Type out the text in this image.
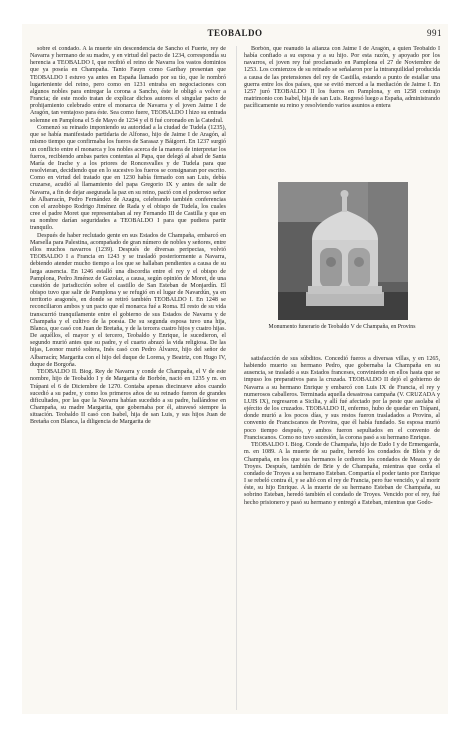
TEOBALDO	991

sobre el condado. A la muerte sin descendencia de Sancho el Fuerte, rey de Navarra y hermano de su madre, y en virtud del pacto de 1234, correspondía su herencia a TEOBALDO I, que recibió el reino de Navarra los vastos dominios que ya poseía en Champaña. Tanto Fauyn como Garibay presentan que TEOBALDO I estuvo ya antes en España llamado por su tío, que le nombró lugarteniente del reino, pero como en 1231 entraba en negociaciones con algunos nobles para entregar la corona a Sancho, éste le obligó a volver a Francia; de este modo tratan de explicar dichos autores el singular pacto de prohijamiento celebrado entre el monarca de Navarra y el joven Jaime I de Aragón, tan ventajoso para éste. Sea como fuere, TEOBALDO I hizo su entrada solemne en Pamplona el 5 de Mayo de 1234 y el 8 fué coronado en la Catedral.

Comenzó su reinado imponiendo su autoridad a la ciudad de Tudela (1235), que se había manifestado partidaria de Alfonso, hijo de Jaime I de Aragón, al mismo tiempo que confirmaba los fueros de Sarasaz y Báigorri. En 1237 surgió un conflicto entre el monarca y los nobles acerca de la manera de interpretar los fueros, recibiendo ambas partes contentas al Papa, que delegó al abad de Santa María de Irache y a los priores de Roncesvalles y de Tudela para que resolvieran, decidiendo que en lo sucesivo los fueros se consignaran por escrito. Como en virtud del tratado que en 1230 había firmado con san Luis, debía cruzarse, acudió al llamamiento del papa Gregorio IX y antes de salir de Navarra, a fin de dejar asegurada la paz en su reino, pactó con el poderoso señor de Albarracín, Pedro Fernández de Azagra, celebrando también conferencias con el arzobispo Rodrigo Jiménez de Rada y el obispo de Tudela, los cuales cree el padre Moret que representaban al rey Fernando III de Castilla y que en su nombre darían seguridades a TEOBALDO I para que pudiera partir tranquilo.

Después de haber reclutado gente en sus Estados de Champaña, embarcó en Marsella para Palestina, acompañado de gran número de nobles y señores, entre ellos muchos navarros (1239). Después de diversas peripecias, volvió TEOBALDO I a Francia en 1243 y se trasladó posteriormente a Navarra, debiendo atender mucho tiempo a los que se hallaban pendientes a causa de su larga ausencia. En 1246 estalló una discordia entre el rey y el obispo de Pamplona, Pedro Jiménez de Gazolaz, a causa, según opinión de Moret, de una cuestión de jurisdicción sobre el castillo de San Esteban de Monjardín. El obispo tuvo que salir de Pamplona y se refugió en el lugar de Navardún, ya en territorio aragonés, en donde se retiró también TEOBALDO I. En 1248 se reconciliaron ambos y un pacto que el monarca fué a Roma. El resto de su vida transcurrió tranquilamente entre el gobierno de sus Estados de Navarra y de Champaña y el cultivo de la poesía. De su segunda esposa tuvo una hija, Blanca, que casó con Juan de Bretaña, y de la tercera cuatro hijos y cuatro hijas. De aquéllos, el mayor y el tercero, Teobaldo y Enrique, le sucedieron, el segundo murió antes que su padre, y el cuarto abrazó la vida religiosa. De las hijas, Leonor murió soltera, Inés casó con Pedro Álvarez, hijo del señor de Albarracín; Margarita con el hijo del duque de Lorena, y Beatriz, con Hugo IV, duque de Borgoña.

TEOBALDO II. Biog. Rey de Navarra y conde de Champaña, el V de este nombre, hijo de Teobaldo I y de Margarita de Borbón, nació en 1235 y m. en Trápani el 6 de Diciembre de 1270. Contaba apenas diecinueve años cuando sucedió a su padre, y como los primeros años de su reinado fueron de grandes dificultades, por las que la Navarra habían sucedido a su padre, hallándose en Champaña, su madre Margarita, que gobernaba por él, atravesó siempre la situación. Teobaldo II casó con Isabel, hija de san Luis, y sus hijos Juan de Bretaña con Blanca, la diligencia de Margarita de

Borbón, que reanudó la alianza con Jaime I de Aragón, a quien Teobaldo I había confiado a su esposa y a su hijo. Por esta razón, y apoyado por los navarros, el joven rey fué proclamado en Pamplona el 27 de Noviembre de 1253. Los comienzos de su reinado se señalaron por la intranquilidad producida a causa de las pretensiones del rey de Castilla, estando a punto de estallar una guerra entre los dos países, que se evitó merced a la mediación de Jaime I. En 1257 juró TEOBALDO II los fueros en Pamplona, y en 1258 contrajo matrimonio con Isabel, hija de san Luis. Regresó luego a España, administrando pacíficamente su reino y resolviendo varios asuntos a entera

satisfacción de sus súbditos. Concedió fueros a diversas villas, y en 1265, habiendo muerto su hermano Pedro, que gobernaba la Champaña en su ausencia, se trasladó a sus Estados franceses, conviniendo en ellos hasta que se impuso los preparativos para la cruzada. TEOBALDO II dejó el gobierno de Navarra a su hermano Enrique y embarcó con Luis IX de Francia, el rey y numerosos caballeros. Terminada aquella desastrosa campaña (V. CRUZADA y LUIS IX), regresaron a Sicilia, y allí fué afectado por la peste que asolaba el ejército de los cruzados. TEOBALDO II, enfermo, hubo de quedar en Trápani, donde murió a los pocos días, y sus restos fueron trasladados a Provins, al convento de Franciscanos de Provins, que él había fundado. Su esposa murió poco tiempo después, y ambos fueron sepultados en el convento de Franciscanos. Como no tuvo sucesión, la corona pasó a su hermano Enrique.

TEOBALDO I. Biog. Conde de Champaña, hijo de Eudo I y de Ermengarda, m. en 1089. A la muerte de su padre, heredó los condados de Blois y de Champaña, en los que sus hermanos le cedieron los condados de Meaux y de Troyes. Después, también de Brie y de Champaña, mientras que cedía el condado de Troyes a su hermano Esteban. Compartía el poder tanto por Enrique I se rebeló contra él, y se alió con el rey de Francia, pero fue vencido, y al morir éste, su hijo Enrique. A la muerte de su hermano Esteban de Champaña, su sobrino Esteban, heredó también el condado de Troyes. Vencido por el rey, fué hecho prisionero y pasó su hermano y entregó a Esteban, mientras que Godo-

Monumento funerario de Teobaldo V de Champaña, en Provins
